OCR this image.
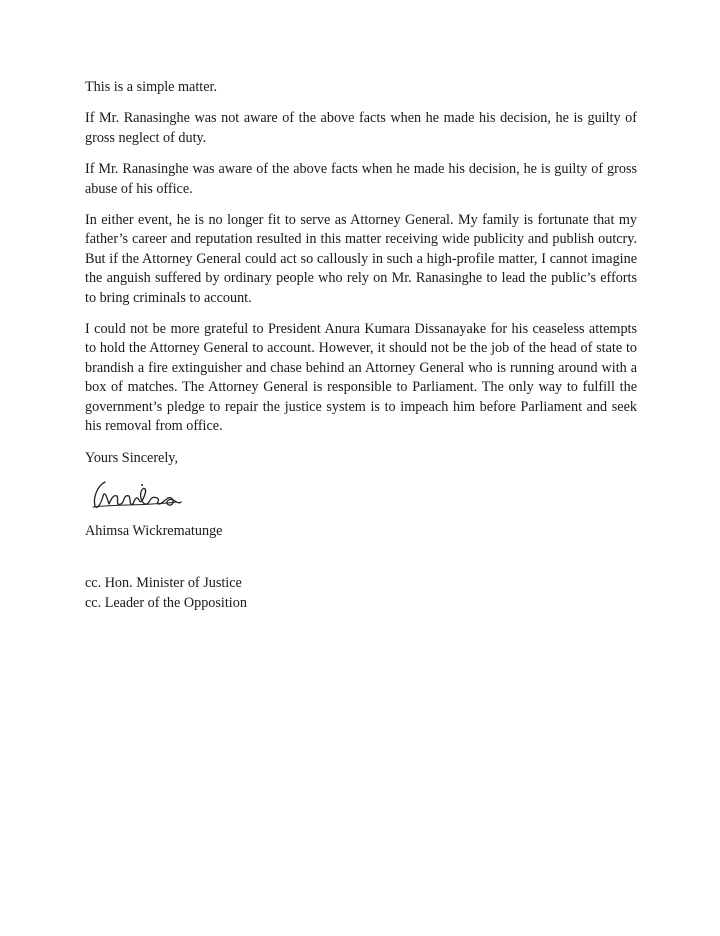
This is a simple matter.

If Mr. Ranasinghe was not aware of the above facts when he made his decision, he is guilty of gross neglect of duty.

If Mr. Ranasinghe was aware of the above facts when he made his decision, he is guilty of gross abuse of his office.

In either event, he is no longer fit to serve as Attorney General. My family is fortunate that my father’s career and reputation resulted in this matter receiving wide publicity and publish outcry. But if the Attorney General could act so callously in such a high-profile matter, I cannot imagine the anguish suffered by ordinary people who rely on Mr. Ranasinghe to lead the public’s efforts to bring criminals to account.

I could not be more grateful to President Anura Kumara Dissanayake for his ceaseless attempts to hold the Attorney General to account. However, it should not be the job of the head of state to brandish a fire extinguisher and chase behind an Attorney General who is running around with a box of matches. The Attorney General is responsible to Parliament. The only way to fulfill the government’s pledge to repair the justice system is to impeach him before Parliament and seek his removal from office.

Yours Sincerely,

Ahimsa Wickrematunge

cc. Hon. Minister of Justice

cc. Leader of the Opposition
